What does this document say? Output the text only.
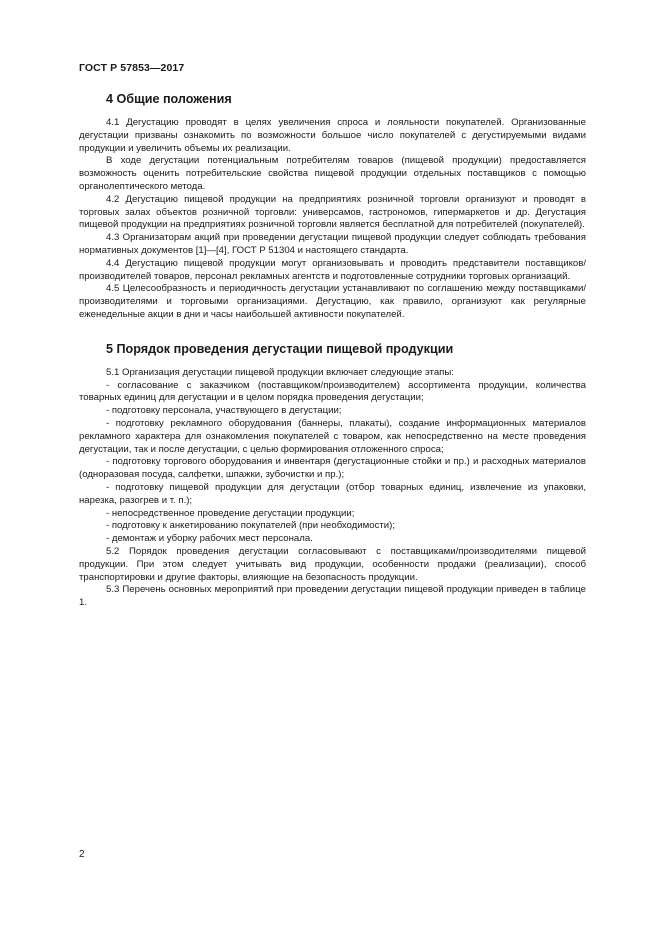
ГОСТ Р 57853—2017
4 Общие положения

4.1 Дегустацию проводят в целях увеличения спроса и лояльности покупателей. Организованные дегустации призваны ознакомить по возможности большое число покупателей с дегустируемыми видами продукции и увеличить объемы их реализации.

В ходе дегустации потенциальным потребителям товаров (пищевой продукции) предоставляется возможность оценить потребительские свойства пищевой продукции отдельных поставщиков с помощью органолептического метода.

4.2 Дегустацию пищевой продукции на предприятиях розничной торговли организуют и проводят в торговых залах объектов розничной торговли: универсамов, гастрономов, гипермаркетов и др. Дегустация пищевой продукции на предприятиях розничной торговли является бесплатной для потребителей (покупателей).

4.3 Организаторам акций при проведении дегустации пищевой продукции следует соблюдать требования нормативных документов [1]—[4], ГОСТ Р 51304 и настоящего стандарта.

4.4 Дегустацию пищевой продукции могут организовывать и проводить представители поставщиков/производителей товаров, персонал рекламных агентств и подготовленные сотрудники торговых организаций.

4.5 Целесообразность и периодичность дегустации устанавливают по соглашению между поставщиками/производителями и торговыми организациями. Дегустацию, как правило, организуют как регулярные еженедельные акции в дни и часы наибольшей активности покупателей.

5 Порядок проведения дегустации пищевой продукции

5.1 Организация дегустации пищевой продукции включает следующие этапы:

- согласование с заказчиком (поставщиком/производителем) ассортимента продукции, количества товарных единиц для дегустации и в целом порядка проведения дегустации;

- подготовку персонала, участвующего в дегустации;

- подготовку рекламного оборудования (баннеры, плакаты), создание информационных материалов рекламного характера для ознакомления покупателей с товаром, как непосредственно на месте проведения дегустации, так и после дегустации, с целью формирования отложенного спроса;

- подготовку торгового оборудования и инвентаря (дегустационные стойки и пр.) и расходных материалов (одноразовая посуда, салфетки, шпажки, зубочистки и пр.);

- подготовку пищевой продукции для дегустации (отбор товарных единиц, извлечение из упаковки, нарезка, разогрев и т. п.);

- непосредственное проведение дегустации продукции;

- подготовку к анкетированию покупателей (при необходимости);

- демонтаж и уборку рабочих мест персонала.

5.2 Порядок проведения дегустации согласовывают с поставщиками/производителями пищевой продукции. При этом следует учитывать вид продукции, особенности продажи (реализации), способ транспортировки и другие факторы, влияющие на безопасность продукции.

5.3 Перечень основных мероприятий при проведении дегустации пищевой продукции приведен в таблице 1.

2
